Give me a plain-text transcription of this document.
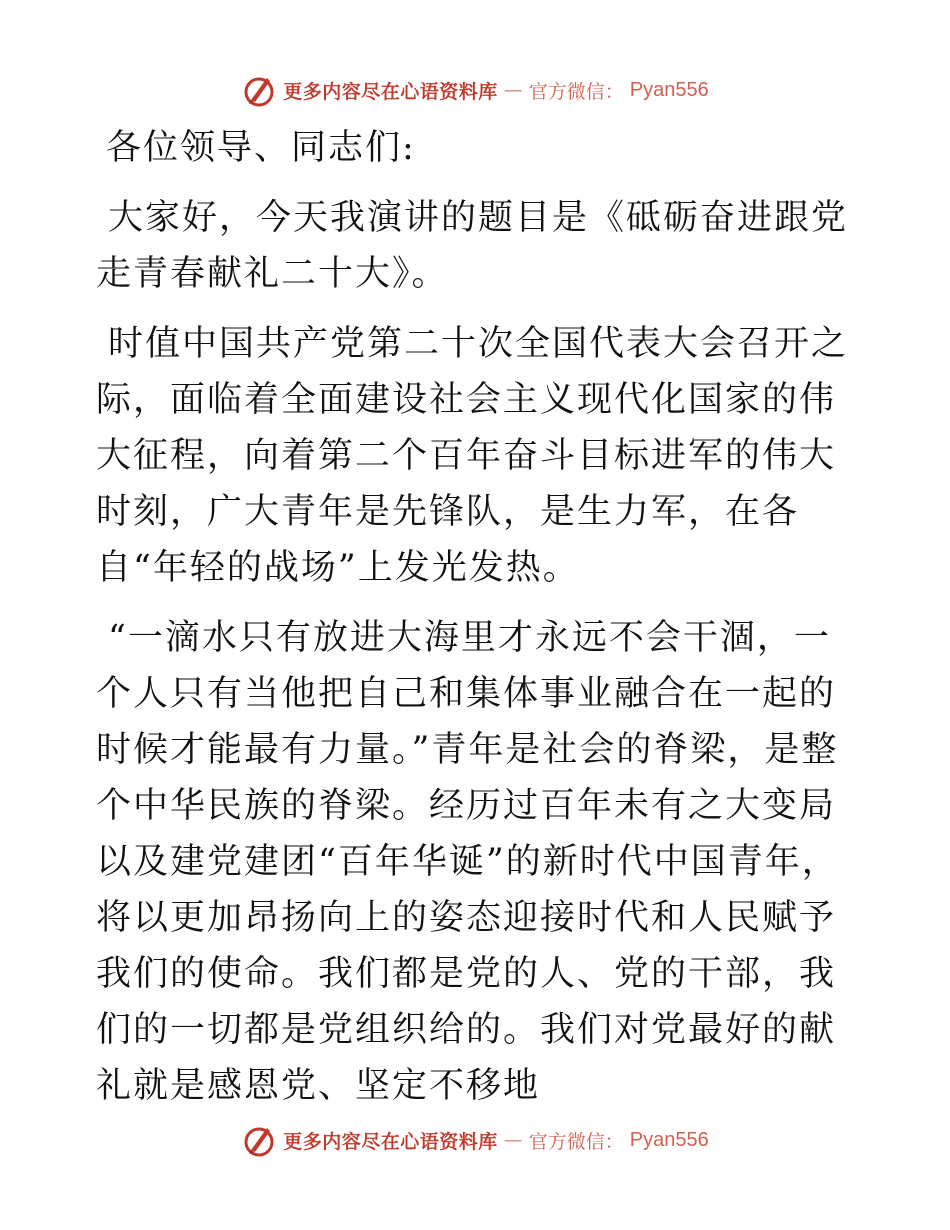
更多内容尽在心语资料库 — 官方微信： Pyan556

各位领导、同志们:

大家好，今天我演讲的题目是《砥砺奋进跟党走青春献礼二十大》。

时值中国共产党第二十次全国代表大会召开之际，面临着全面建设社会主义现代化国家的伟大征程，向着第二个百年奋斗目标进军的伟大时刻，广大青年是先锋队，是生力军，在各自“年轻的战场”上发光发热。

“一滴水只有放进大海里才永远不会干涸，一个人只有当他把自己和集体事业融合在一起的时候才能最有力量。”青年是社会的脊梁，是整个中华民族的脊梁。经历过百年未有之大变局以及建党建团“百年华诞”的新时代中国青年，将以更加昂扬向上的姿态迎接时代和人民赋予我们的使命。我们都是党的人、党的干部，我们的一切都是党组织给的。我们对党最好的献礼就是感恩党、坚定不移地

更多内容尽在心语资料库 — 官方微信： Pyan556
